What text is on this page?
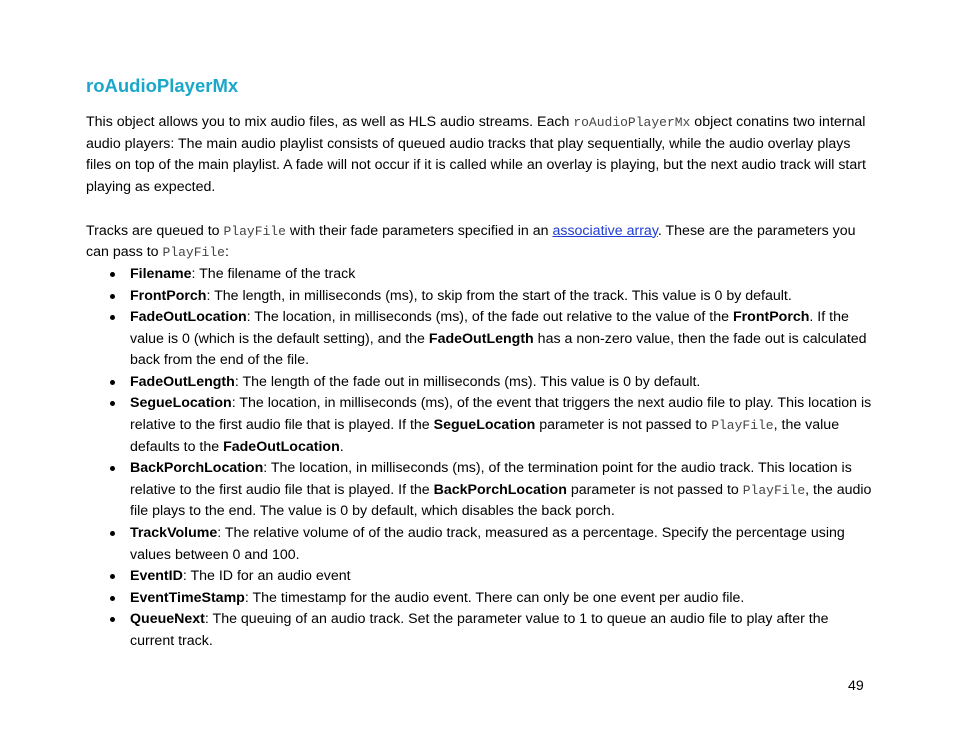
roAudioPlayerMx

This object allows you to mix audio files, as well as HLS audio streams. Each roAudioPlayerMx object conatins two internal audio players: The main audio playlist consists of queued audio tracks that play sequentially, while the audio overlay plays files on top of the main playlist. A fade will not occur if it is called while an overlay is playing, but the next audio track will start playing as expected.

Tracks are queued to PlayFile with their fade parameters specified in an associative array. These are the parameters you can pass to PlayFile:

Filename: The filename of the track
FrontPorch: The length, in milliseconds (ms), to skip from the start of the track. This value is 0 by default.
FadeOutLocation: The location, in milliseconds (ms), of the fade out relative to the value of the FrontPorch. If the value is 0 (which is the default setting), and the FadeOutLength has a non-zero value, then the fade out is calculated back from the end of the file.
FadeOutLength: The length of the fade out in milliseconds (ms). This value is 0 by default.
SegueLocation: The location, in milliseconds (ms), of the event that triggers the next audio file to play. This location is relative to the first audio file that is played. If the SegueLocation parameter is not passed to PlayFile, the value defaults to the FadeOutLocation.
BackPorchLocation: The location, in milliseconds (ms), of the termination point for the audio track. This location is relative to the first audio file that is played. If the BackPorchLocation parameter is not passed to PlayFile, the audio file plays to the end. The value is 0 by default, which disables the back porch.
TrackVolume: The relative volume of of the audio track, measured as a percentage. Specify the percentage using values between 0 and 100.
EventID: The ID for an audio event
EventTimeStamp: The timestamp for the audio event. There can only be one event per audio file.
QueueNext: The queuing of an audio track. Set the parameter value to 1 to queue an audio file to play after the current track.
49
